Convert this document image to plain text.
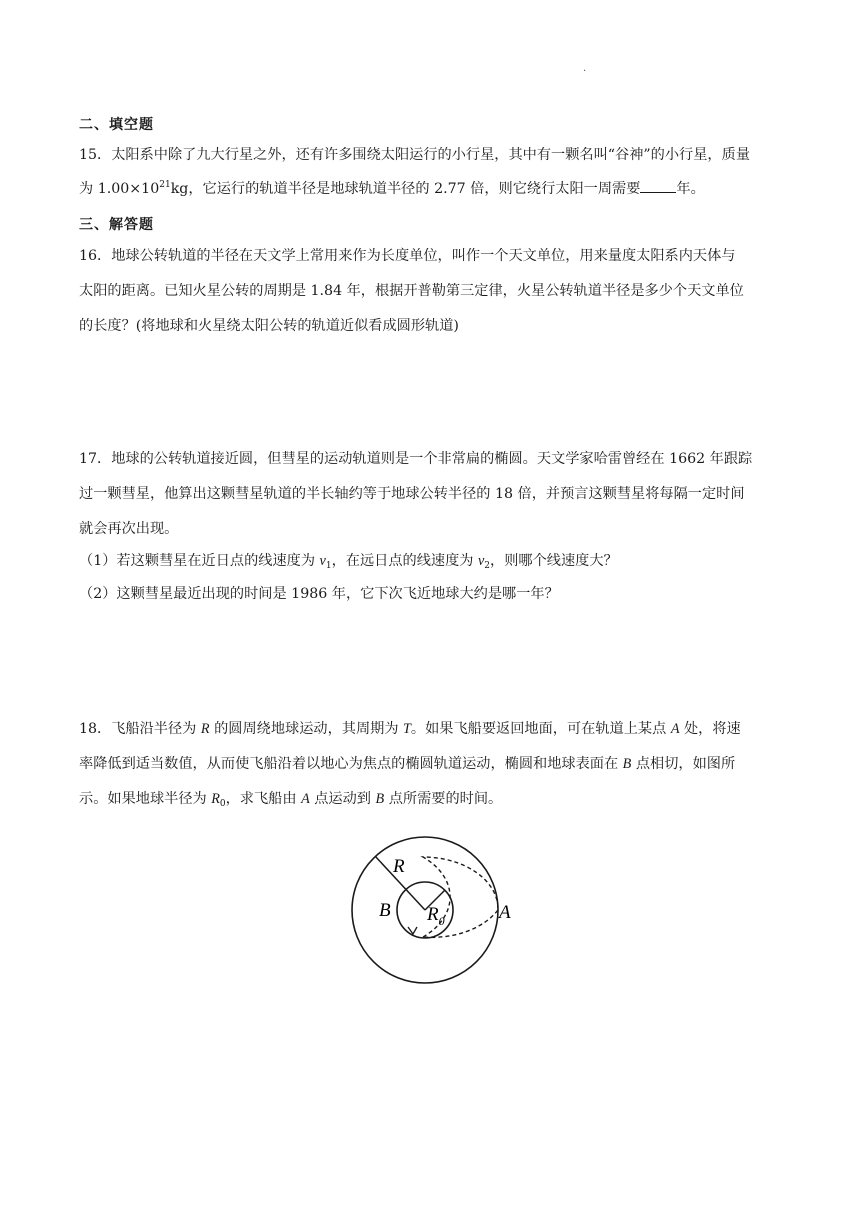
·
二、填空题
15．太阳系中除了九大行星之外，还有许多围绕太阳运行的小行星，其中有一颗名叫“谷神”的小行星，质量
为 $1.00\times 10^{21}kg$，它运行的轨道半径是地球轨道半径的 2.77 倍，则它绕行太阳一周需要	年。
三、解答题
16．地球公转轨道的半径在天文学上常用来作为长度单位，叫作一个天文单位，用来量度太阳系内天体与
太阳的距离。已知火星公转的周期是 1.84 年，根据开普勒第三定律，火星公转轨道半径是多少个天文单位
的长度？(将地球和火星绕太阳公转的轨道近似看成圆形轨道)
17．地球的公转轨道接近圆，但彗星的运动轨道则是一个非常扁的椭圆。天文学家哈雷曾经在 1662 年跟踪
过一颗彗星，他算出这颗彗星轨道的半长轴约等于地球公转半径的 18 倍，并预言这颗彗星将每隔一定时间
就会再次出现。
（1）若这颗彗星在近日点的线速度为 $v_1$，在远日点的线速度为 $v_2$，则哪个线速度大？
（2）这颗彗星最近出现的时间是 1986 年，它下次飞近地球大约是哪一年？
18．飞船沿半径为 R 的圆周绕地球运动，其周期为 T。如果飞船要返回地面，可在轨道上某点 A 处，将速
率降低到适当数值，从而使飞船沿着以地心为焦点的椭圆轨道运动，椭圆和地球表面在 B 点相切，如图所
示。如果地球半径为 $R_0$，求飞船由 A 点运动到 B 点所需要的时间。
R
B $R_0$	A
